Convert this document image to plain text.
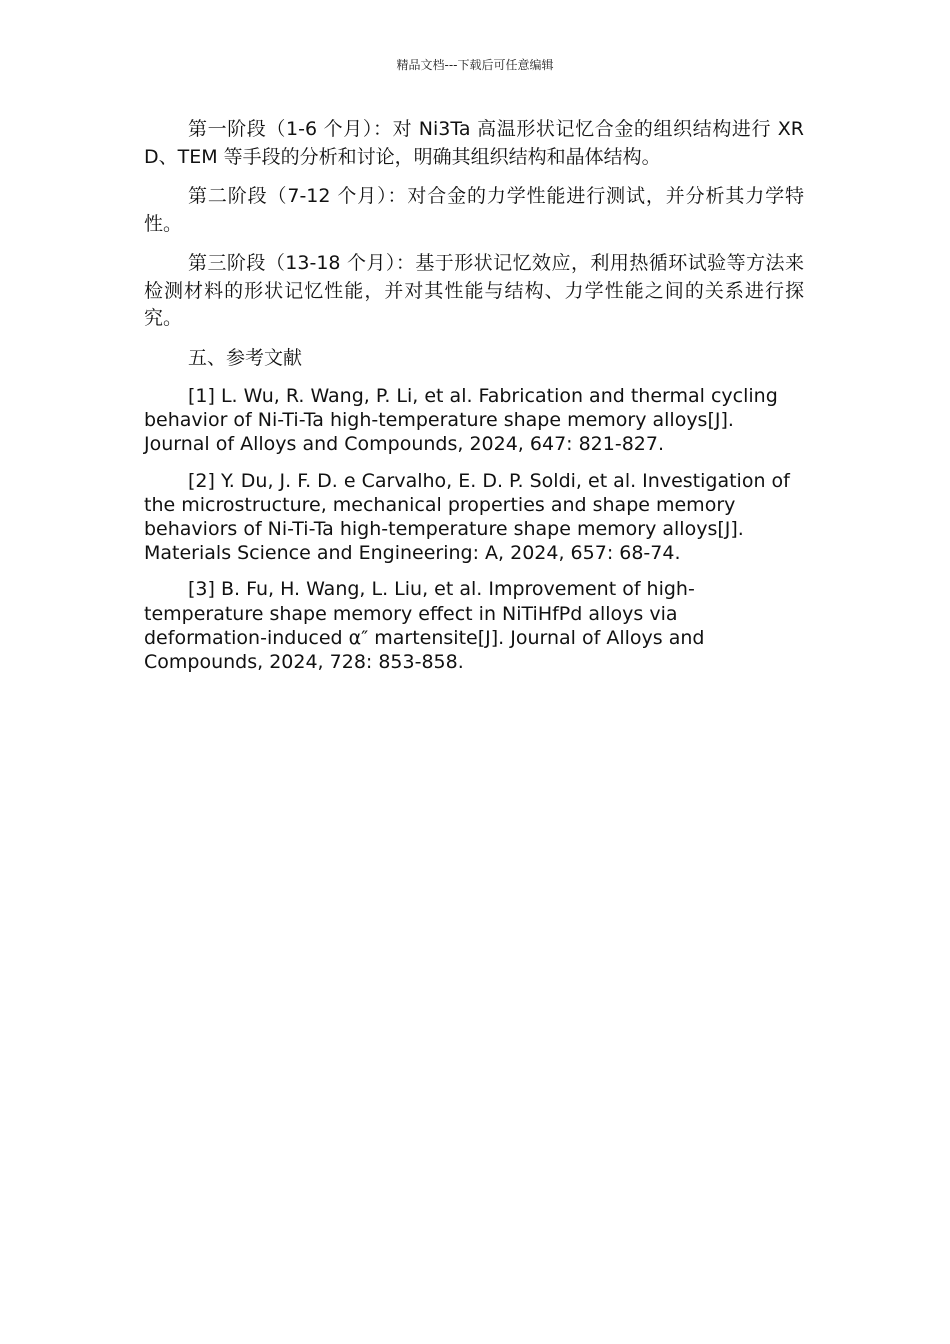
精品文档---下载后可任意编辑

第一阶段（1-6 个月）：对 Ni3Ta 高温形状记忆合金的组织结构进行 XRD、TEM 等手段的分析和讨论，明确其组织结构和晶体结构。

第二阶段（7-12 个月）：对合金的力学性能进行测试，并分析其力学特性。

第三阶段（13-18 个月）：基于形状记忆效应，利用热循环试验等方法来检测材料的形状记忆性能，并对其性能与结构、力学性能之间的关系进行探究。

五、参考文献

[1] L. Wu, R. Wang, P. Li, et al. Fabrication and thermal cycling behavior of Ni-Ti-Ta high-temperature shape memory alloys[J]. Journal of Alloys and Compounds, 2024, 647: 821-827.

[2] Y. Du, J. F. D. e Carvalho, E. D. P. Soldi, et al. Investigation of the microstructure, mechanical properties and shape memory behaviors of Ni-Ti-Ta high-temperature shape memory alloys[J]. Materials Science and Engineering: A, 2024, 657: 68-74.

[3] B. Fu, H. Wang, L. Liu, et al. Improvement of high-temperature shape memory effect in NiTiHfPd alloys via deformation-induced α″ martensite[J]. Journal of Alloys and Compounds, 2024, 728: 853-858.
